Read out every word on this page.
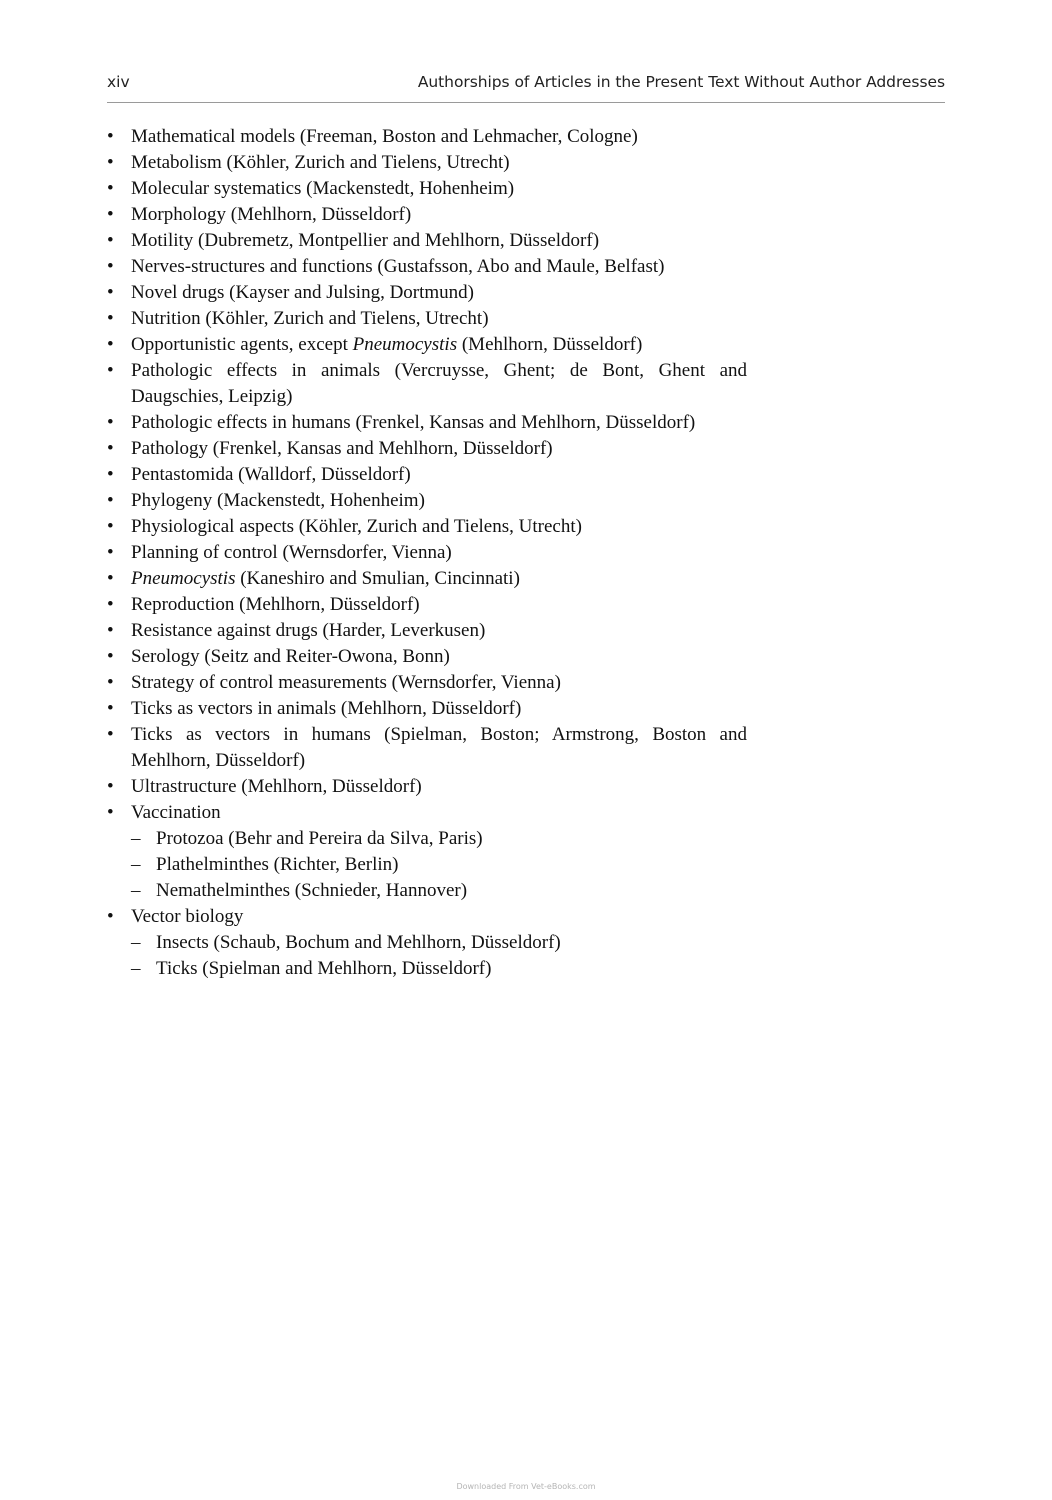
xiv	Authorships of Articles in the Present Text Without Author Addresses
• Mathematical models (Freeman, Boston and Lehmacher, Cologne)
• Metabolism (Köhler, Zurich and Tielens, Utrecht)
• Molecular systematics (Mackenstedt, Hohenheim)
• Morphology (Mehlhorn, Düsseldorf)
• Motility (Dubremetz, Montpellier and Mehlhorn, Düsseldorf)
• Nerves-structures and functions (Gustafsson, Abo and Maule, Belfast)
• Novel drugs (Kayser and Julsing, Dortmund)
• Nutrition (Köhler, Zurich and Tielens, Utrecht)
• Opportunistic agents, except Pneumocystis (Mehlhorn, Düsseldorf)
• Pathologic effects in animals (Vercruysse, Ghent; de Bont, Ghent and Daugschies, Leipzig)
• Pathologic effects in humans (Frenkel, Kansas and Mehlhorn, Düsseldorf)
• Pathology (Frenkel, Kansas and Mehlhorn, Düsseldorf)
• Pentastomida (Walldorf, Düsseldorf)
• Phylogeny (Mackenstedt, Hohenheim)
• Physiological aspects (Köhler, Zurich and Tielens, Utrecht)
• Planning of control (Wernsdorfer, Vienna)
• Pneumocystis (Kaneshiro and Smulian, Cincinnati)
• Reproduction (Mehlhorn, Düsseldorf)
• Resistance against drugs (Harder, Leverkusen)
• Serology (Seitz and Reiter-Owona, Bonn)
• Strategy of control measurements (Wernsdorfer, Vienna)
• Ticks as vectors in animals (Mehlhorn, Düsseldorf)
• Ticks as vectors in humans (Spielman, Boston; Armstrong, Boston and Mehlhorn, Düsseldorf)
• Ultrastructure (Mehlhorn, Düsseldorf)
• Vaccination
– Protozoa (Behr and Pereira da Silva, Paris)
– Plathelminthes (Richter, Berlin)
– Nemathelminthes (Schnieder, Hannover)
• Vector biology
– Insects (Schaub, Bochum and Mehlhorn, Düsseldorf)
– Ticks (Spielman and Mehlhorn, Düsseldorf)
Downloaded From Vet-eBooks.com
